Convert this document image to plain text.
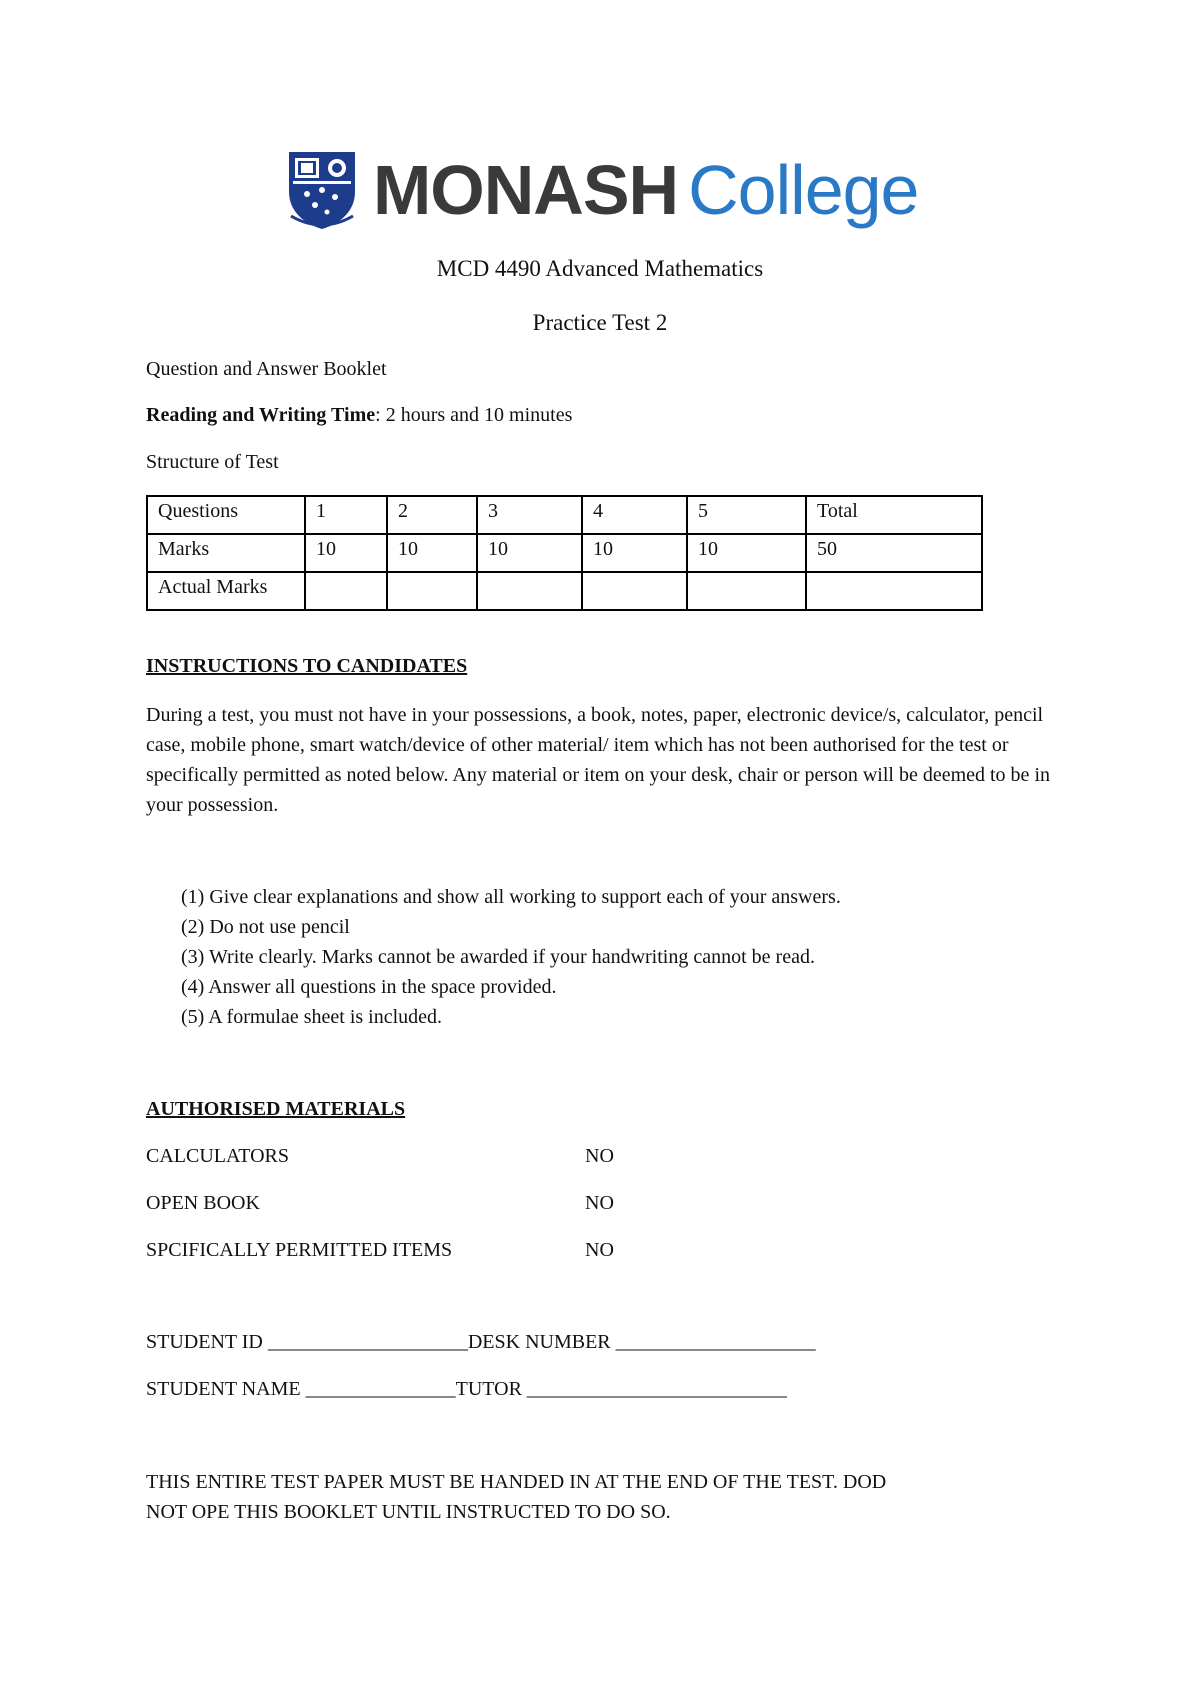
MONASH College
MCD 4490 Advanced Mathematics
Practice Test 2
Question and Answer Booklet
Reading and Writing Time: 2 hours and 10 minutes
Structure of Test
Questions	1	2	3	4	5	Total
Marks	10	10	10	10	10	50
Actual Marks						
INSTRUCTIONS TO CANDIDATES
During a test, you must not have in your possessions, a book, notes, paper, electronic device/s, calculator, pencil case, mobile phone, smart watch/device of other material/ item which has not been authorised for the test or specifically permitted as noted below. Any material or item on your desk, chair or person will be deemed to be in your possession.
(1) Give clear explanations and show all working to support each of your answers.
(2) Do not use pencil
(3) Write clearly. Marks cannot be awarded if your handwriting cannot be read.
(4) Answer all questions in the space provided.
(5) A formulae sheet is included.
AUTHORISED MATERIALS
CALCULATORS	NO
OPEN BOOK	NO
SPCIFICALLY PERMITTED ITEMS	NO
STUDENT ID ____________________DESK NUMBER ____________________
STUDENT NAME _______________TUTOR __________________________
THIS ENTIRE TEST PAPER MUST BE HANDED IN AT THE END OF THE TEST. DOD
NOT OPE THIS BOOKLET UNTIL INSTRUCTED TO DO SO.
